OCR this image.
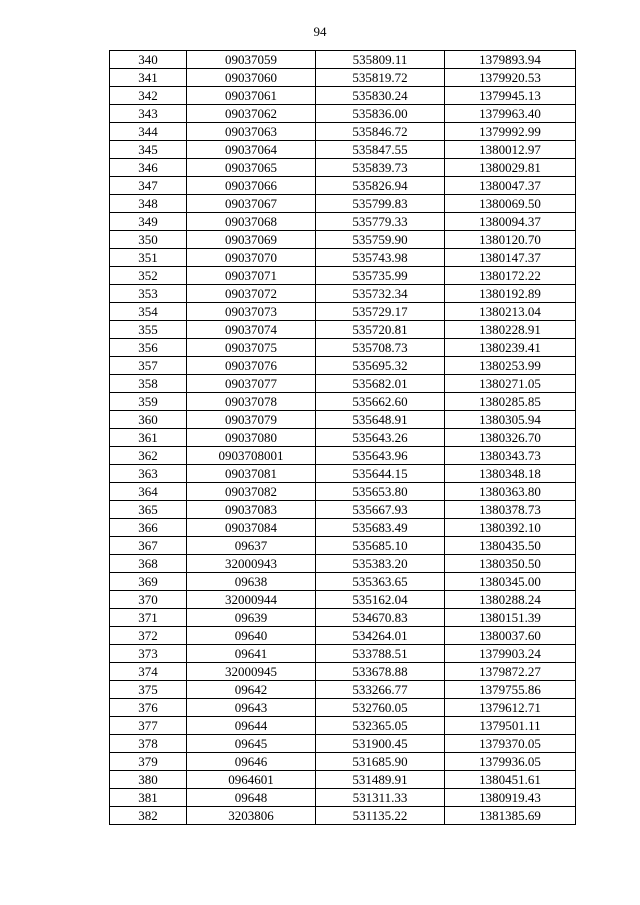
94
340	09037059	535809.11	1379893.94
341	09037060	535819.72	1379920.53
342	09037061	535830.24	1379945.13
343	09037062	535836.00	1379963.40
344	09037063	535846.72	1379992.99
345	09037064	535847.55	1380012.97
346	09037065	535839.73	1380029.81
347	09037066	535826.94	1380047.37
348	09037067	535799.83	1380069.50
349	09037068	535779.33	1380094.37
350	09037069	535759.90	1380120.70
351	09037070	535743.98	1380147.37
352	09037071	535735.99	1380172.22
353	09037072	535732.34	1380192.89
354	09037073	535729.17	1380213.04
355	09037074	535720.81	1380228.91
356	09037075	535708.73	1380239.41
357	09037076	535695.32	1380253.99
358	09037077	535682.01	1380271.05
359	09037078	535662.60	1380285.85
360	09037079	535648.91	1380305.94
361	09037080	535643.26	1380326.70
362	0903708001	535643.96	1380343.73
363	09037081	535644.15	1380348.18
364	09037082	535653.80	1380363.80
365	09037083	535667.93	1380378.73
366	09037084	535683.49	1380392.10
367	09637	535685.10	1380435.50
368	32000943	535383.20	1380350.50
369	09638	535363.65	1380345.00
370	32000944	535162.04	1380288.24
371	09639	534670.83	1380151.39
372	09640	534264.01	1380037.60
373	09641	533788.51	1379903.24
374	32000945	533678.88	1379872.27
375	09642	533266.77	1379755.86
376	09643	532760.05	1379612.71
377	09644	532365.05	1379501.11
378	09645	531900.45	1379370.05
379	09646	531685.90	1379936.05
380	0964601	531489.91	1380451.61
381	09648	531311.33	1380919.43
382	3203806	531135.22	1381385.69
